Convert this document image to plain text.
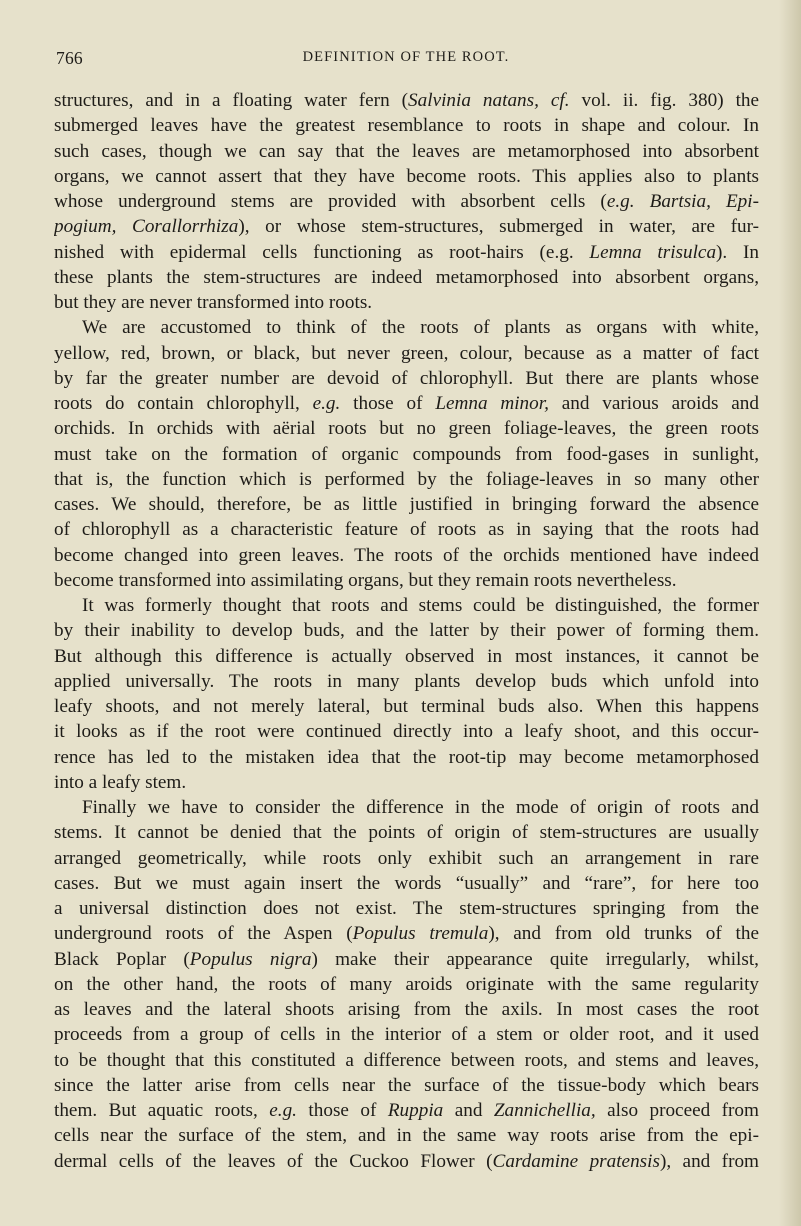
766	DEFINITION OF THE ROOT.
structures, and in a floating water fern (Salvinia natans, cf. vol. ii. fig. 380) the
submerged leaves have the greatest resemblance to roots in shape and colour. In
such cases, though we can say that the leaves are metamorphosed into absorbent
organs, we cannot assert that they have become roots. This applies also to plants
whose underground stems are provided with absorbent cells (e.g. Bartsia, Epi-
pogium, Corallorrhiza), or whose stem-structures, submerged in water, are fur-
nished with epidermal cells functioning as root-hairs (e.g. Lemna trisulca). In
these plants the stem-structures are indeed metamorphosed into absorbent organs,
but they are never transformed into roots.
We are accustomed to think of the roots of plants as organs with white,
yellow, red, brown, or black, but never green, colour, because as a matter of fact
by far the greater number are devoid of chlorophyll. But there are plants whose
roots do contain chlorophyll, e.g. those of Lemna minor, and various aroids and
orchids. In orchids with aërial roots but no green foliage-leaves, the green roots
must take on the formation of organic compounds from food-gases in sunlight,
that is, the function which is performed by the foliage-leaves in so many other
cases. We should, therefore, be as little justified in bringing forward the absence
of chlorophyll as a characteristic feature of roots as in saying that the roots had
become changed into green leaves. The roots of the orchids mentioned have indeed
become transformed into assimilating organs, but they remain roots nevertheless.
It was formerly thought that roots and stems could be distinguished, the former
by their inability to develop buds, and the latter by their power of forming them.
But although this difference is actually observed in most instances, it cannot be
applied universally. The roots in many plants develop buds which unfold into
leafy shoots, and not merely lateral, but terminal buds also. When this happens
it looks as if the root were continued directly into a leafy shoot, and this occur-
rence has led to the mistaken idea that the root-tip may become metamorphosed
into a leafy stem.
Finally we have to consider the difference in the mode of origin of roots and
stems. It cannot be denied that the points of origin of stem-structures are usually
arranged geometrically, while roots only exhibit such an arrangement in rare
cases. But we must again insert the words “usually” and “rare”, for here too
a universal distinction does not exist. The stem-structures springing from the
underground roots of the Aspen (Populus tremula), and from old trunks of the
Black Poplar (Populus nigra) make their appearance quite irregularly, whilst,
on the other hand, the roots of many aroids originate with the same regularity
as leaves and the lateral shoots arising from the axils. In most cases the root
proceeds from a group of cells in the interior of a stem or older root, and it used
to be thought that this constituted a difference between roots, and stems and leaves,
since the latter arise from cells near the surface of the tissue-body which bears
them. But aquatic roots, e.g. those of Ruppia and Zannichellia, also proceed from
cells near the surface of the stem, and in the same way roots arise from the epi-
dermal cells of the leaves of the Cuckoo Flower (Cardamine pratensis), and from
